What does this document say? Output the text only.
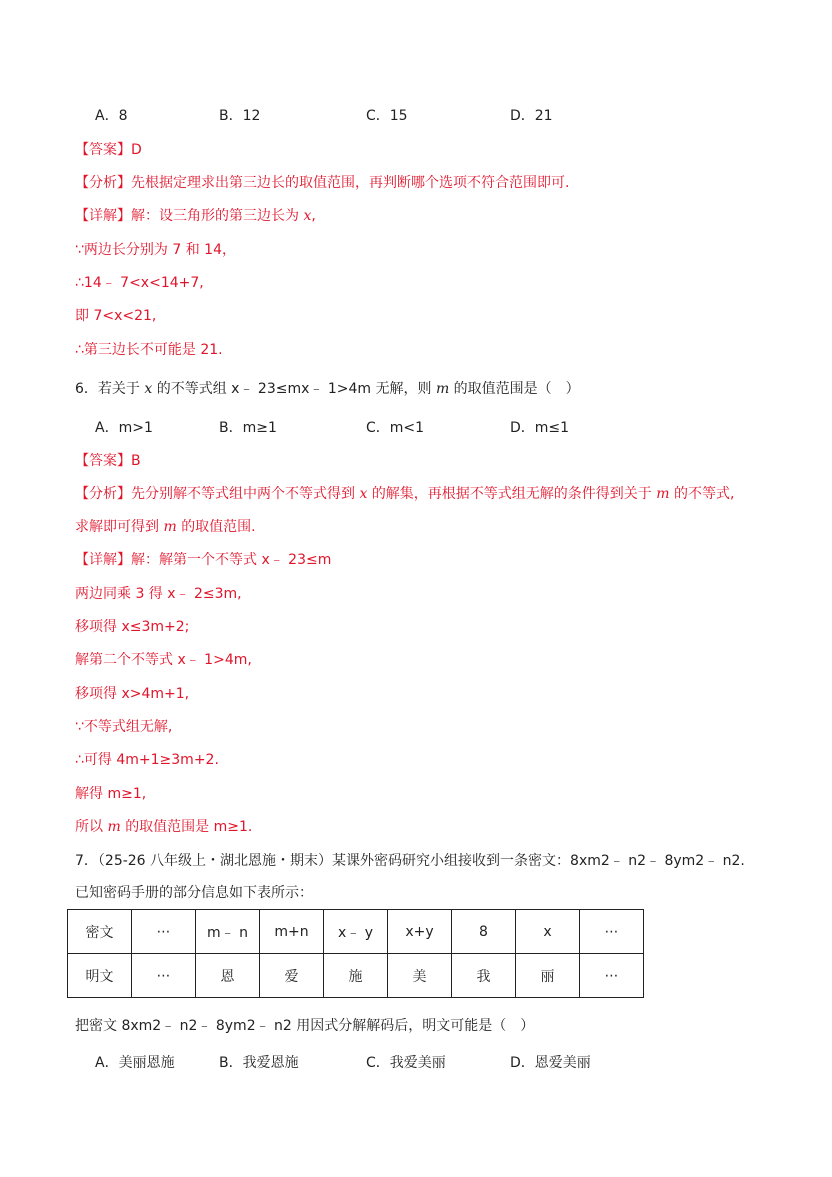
A．8	B．12	C．15	D．21
【答案】D
【分析】先根据定理求出第三边长的取值范围，再判断哪个选项不符合范围即可.
【详解】解：设三角形的第三边长为 x,
∵两边长分别为 7 和 14，
∴14﹣ 7<x<14+7,
即 7<x<21,
∴第三边长不可能是 21.
6．若关于 x 的不等式组 x﹣ 23≤mx﹣ 1>4m 无解，则 m 的取值范围是（　）
A．m>1	B．m≥1	C．m<1	D．m≤1
【答案】B
【分析】先分别解不等式组中两个不等式得到 x 的解集，再根据不等式组无解的条件得到关于 m 的不等式,
求解即可得到 m 的取值范围.
【详解】解：解第一个不等式 x﹣ 23≤m
两边同乘 3 得 x﹣ 2≤3m,
移项得 x≤3m+2;
解第二个不等式 x﹣ 1>4m,
移项得 x>4m+1,
∵不等式组无解,
∴可得 4m+1≥3m+2.
解得 m≥1,
所以 m 的取值范围是 m≥1.
7．（25-26 八年级上・湖北恩施・期末）某课外密码研究小组接收到一条密文：8xm2﹣ n2﹣ 8ym2﹣ n2.
已知密码手册的部分信息如下表所示：
密文	⋯	m﹣ n	m+n	x﹣ y	x+y	8	x	⋯
明文	⋯	恩	爱	施	美	我	丽	⋯
把密文 8xm2﹣ n2﹣ 8ym2﹣ n2 用因式分解解码后，明文可能是（　）
A．美丽恩施	B．我爱恩施	C．我爱美丽	D．恩爱美丽
